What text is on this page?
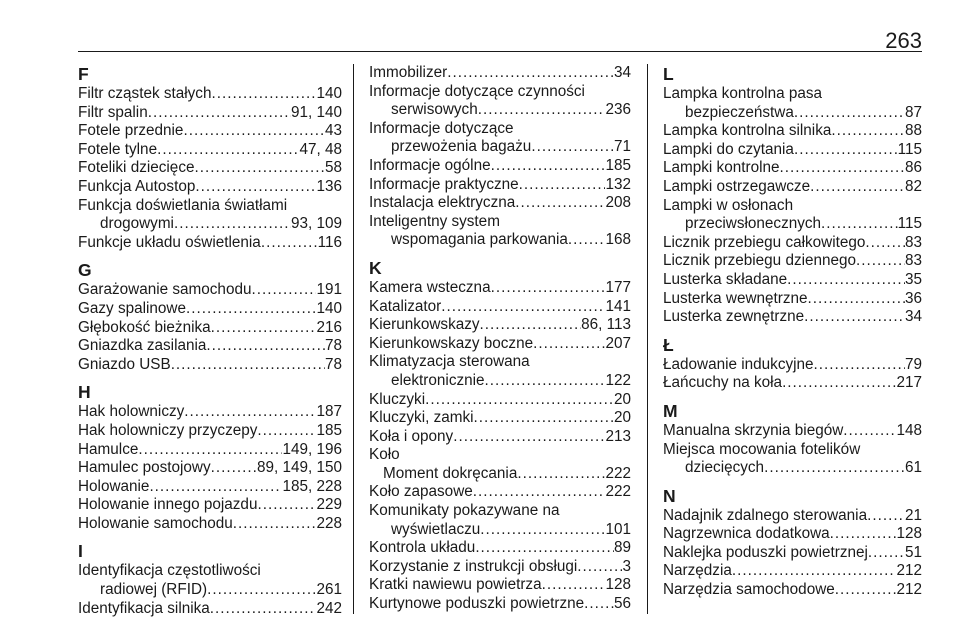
263
F
Filtr cząstek stałych .....	140
Filtr spalin .....	91, 140
Fotele przednie .....	43
Fotele tylne .....	47, 48
Foteliki dziecięce .....	58
Funkcja Autostop .....	136
Funkcja doświetlania światłami
drogowymi .....	93, 109
Funkcje układu oświetlenia .....	116
G
Garażowanie samochodu .....	191
Gazy spalinowe .....	140
Głębokość bieżnika .....	216
Gniazdka zasilania .....	78
Gniazdo USB .....	78
H
Hak holowniczy .....	187
Hak holowniczy przyczepy .....	185
Hamulce .....	149, 196
Hamulec postojowy .....	89, 149, 150
Holowanie .....	185, 228
Holowanie innego pojazdu .....	229
Holowanie samochodu .....	228
I
Identyfikacja częstotliwości
radiowej (RFID) .....	261
Identyfikacja silnika .....	242
Immobilizer .....	34
Informacje dotyczące czynności
serwisowych .....	236
Informacje dotyczące
przewożenia bagażu .....	71
Informacje ogólne .....	185
Informacje praktyczne .....	132
Instalacja elektryczna .....	208
Inteligentny system
wspomagania parkowania ..... 168
K
Kamera wsteczna .....	177
Katalizator .....	141
Kierunkowskazy .....	86, 113
Kierunkowskazy boczne .....	207
Klimatyzacja sterowana
elektronicznie .....	122
Kluczyki .....	20
Kluczyki, zamki .....	20
Koła i opony .....	213
Koło
Moment dokręcania .....	222
Koło zapasowe .....	222
Komunikaty pokazywane na
wyświetlaczu .....	101
Kontrola układu .....	89
Korzystanie z instrukcji obsługi .....	3
Kratki nawiewu powietrza .....	128
Kurtynowe poduszki powietrzne ..... 56
L
Lampka kontrolna pasa
bezpieczeństwa .....	87
Lampka kontrolna silnika .....	88
Lampki do czytania .....	115
Lampki kontrolne .....	86
Lampki ostrzegawcze .....	82
Lampki w osłonach
przeciwsłonecznych .....	115
Licznik przebiegu całkowitego .....	83
Licznik przebiegu dziennego .....	83
Lusterka składane .....	35
Lusterka wewnętrzne .....	36
Lusterka zewnętrzne .....	34
Ł
Ładowanie indukcyjne .....	79
Łańcuchy na koła .....	217
M
Manualna skrzynia biegów .....	148
Miejsca mocowania fotelików
dziecięcych .....	61
N
Nadajnik zdalnego sterowania ..... 21
Nagrzewnica dodatkowa .....	128
Naklejka poduszki powietrznej ..... 51
Narzędzia .....	212
Narzędzia samochodowe .....	212
